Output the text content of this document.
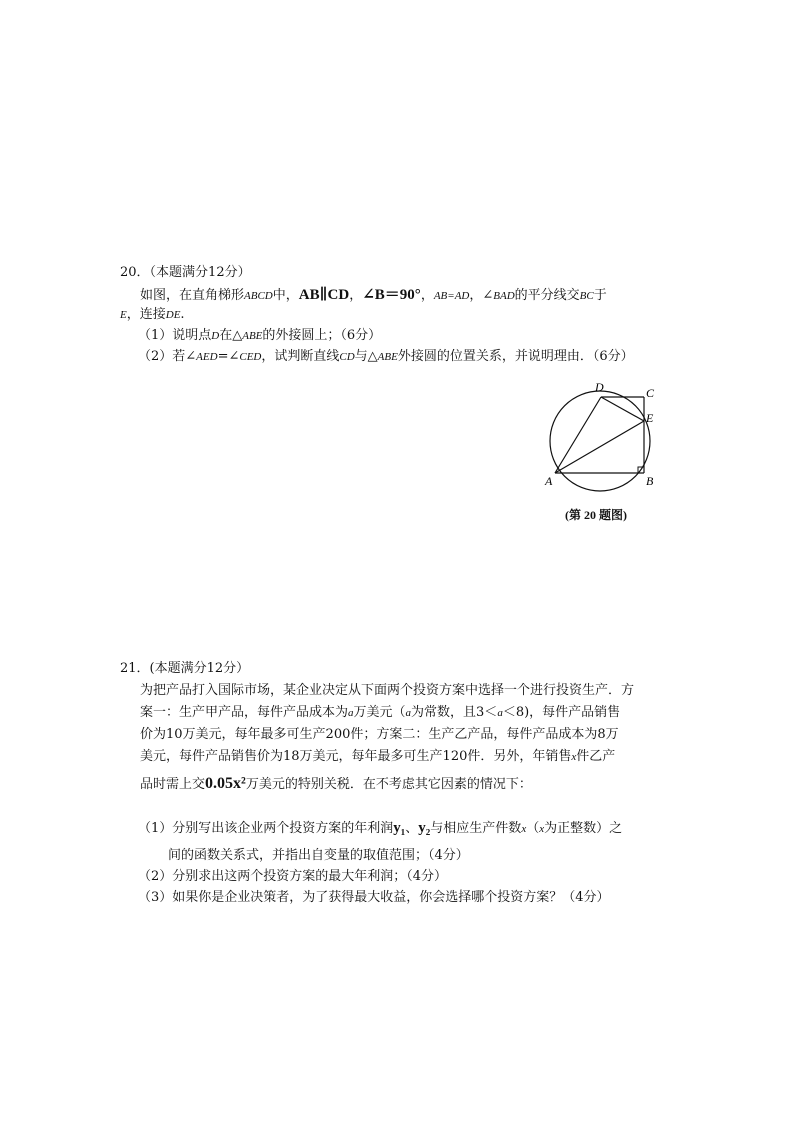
20．（本题满分12分）
如图，在直角梯形ABCD中，AB∥CD，∠B＝90°，AB=AD，∠BAD的平分线交BC于
E，连接DE.
（1）说明点D在△ABE的外接圆上；（6分）
（2）若∠AED=∠CED，试判断直线CD与△ABE外接圆的位置关系，并说明理由．（6分）
A	B
C
D
E
(第 20 题图)
21．(本题满分12分）
为把产品打入国际市场，某企业决定从下面两个投资方案中选择一个进行投资生产．方
案一：生产甲产品，每件产品成本为a万美元（a为常数，且3＜a＜8)，每件产品销售
价为10万美元，每年最多可生产200件；方案二：生产乙产品，每件产品成本为8万
美元，每件产品销售价为18万美元，每年最多可生产120件．另外，年销售x件乙产
品时需上交0.05x²万美元的特别关税．在不考虑其它因素的情况下：
（1）分别写出该企业两个投资方案的年利润y₁、y₂与相应生产件数x（x为正整数）之
间的函数关系式，并指出自变量的取值范围；（4分）
（2）分别求出这两个投资方案的最大年利润；（4分）
（3）如果你是企业决策者，为了获得最大收益，你会选择哪个投资方案？（4分）
